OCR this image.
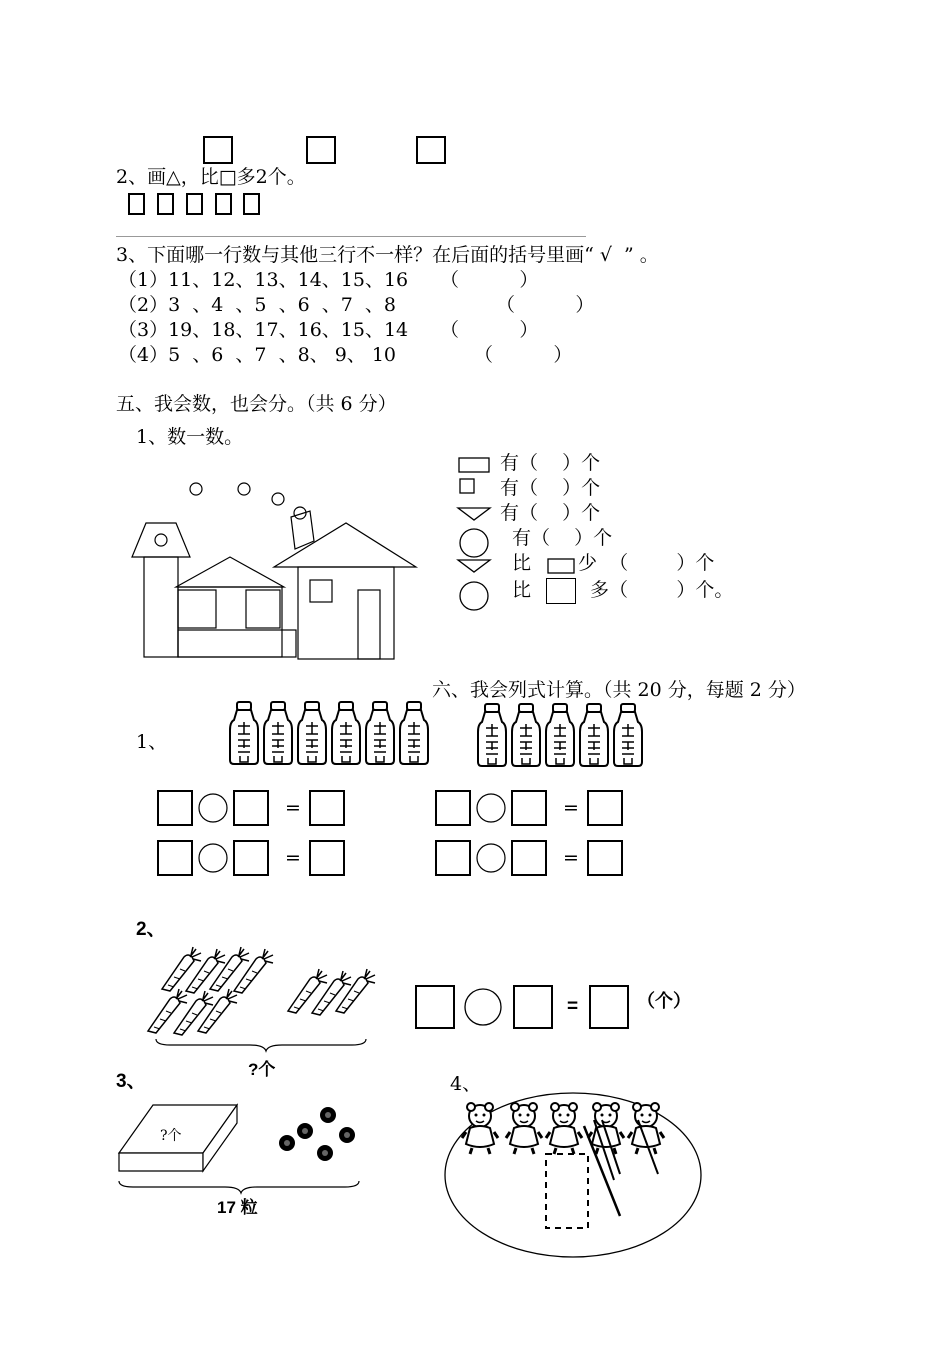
2、画△，比□多2个。
3、下面哪一行数与其他三行不一样？在后面的括号里画“ √  ” 。
（1）11、12、13、14、15、16 （          ）
（2）3  、4  、5  、6  、7  、8	（          ）
（3）19、18、17、16、15、14 （          ）
（4）5  、6  、7  、8、 9、 10	（          ）
五、我会数，也会分。（共 6 分）
1、数一数。
有（    ）个
有（    ）个
有（    ）个
有（    ）个
比 少  （        ）个
比	多（        ）个。
六、我会列式计算。（共 20 分，每题 2 分）
1、
=	=
=	=
2、
?个
=	（个）
3、
?个
17 粒
4、
